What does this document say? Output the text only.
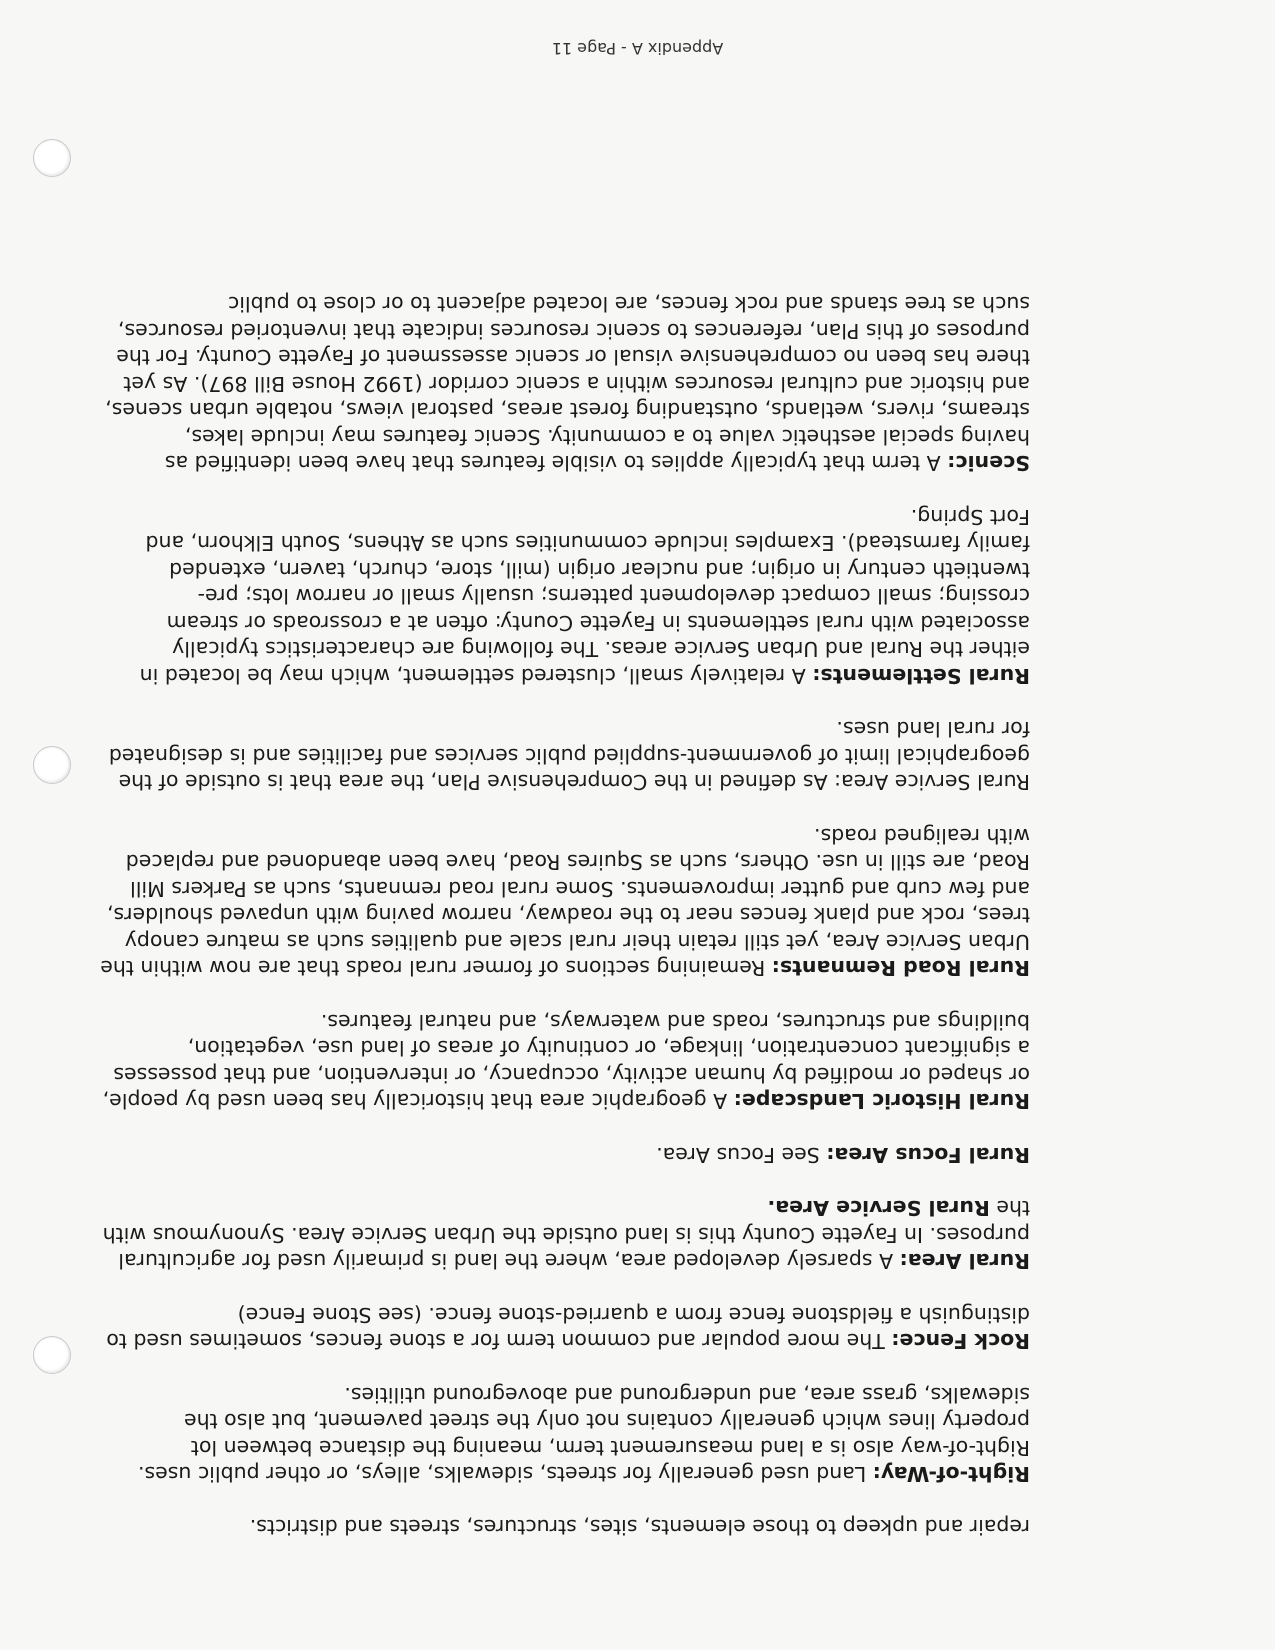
repair and upkeep to those elements, sites, structures, streets and districts.

Right-of-Way: Land used generally for streets, sidewalks, alleys, or other public uses. Right-of-way also is a land measurement term, meaning the distance between lot property lines which generally contains not only the street pavement, but also the sidewalks, grass area, and underground and aboveground utilities.

Rock Fence: The more popular and common term for a stone fences, sometimes used to distinguish a fieldstone fence from a quarried-stone fence. (see Stone Fence)

Rural Area: A sparsely developed area, where the land is primarily used for agricultural purposes. In Fayette County this is land outside the Urban Service Area. Synonymous with the Rural Service Area.

Rural Focus Area: See Focus Area.

Rural Historic Landscape: A geographic area that historically has been used by people, or shaped or modified by human activity, occupancy, or intervention, and that possesses a significant concentration, linkage, or continuity of areas of land use, vegetation, buildings and structures, roads and waterways, and natural features.

Rural Road Remnants: Remaining sections of former rural roads that are now within the Urban Service Area, yet still retain their rural scale and qualities such as mature canopy trees, rock and plank fences near to the roadway, narrow paving with unpaved shoulders, and few curb and gutter improvements. Some rural road remnants, such as Parkers Mill Road, are still in use. Others, such as Squires Road, have been abandoned and replaced with realigned roads.

Rural Service Area: As defined in the Comprehensive Plan, the area that is outside of the geographical limit of government-supplied public services and facilities and is designated for rural land uses.

Rural Settlements: A relatively small, clustered settlement, which may be located in either the Rural and Urban Service areas. The following are characteristics typically associated with rural settlements in Fayette County: often at a crossroads or stream crossing; small compact development patterns; usually small or narrow lots; pre-twentieth century in origin; and nuclear origin (mill, store, church, tavern, extended family farmstead). Examples include communities such as Athens, South Elkhorn, and Fort Spring.

Scenic: A term that typically applies to visible features that have been identified as having special aesthetic value to a community. Scenic features may include lakes, streams, rivers, wetlands, outstanding forest areas, pastoral views, notable urban scenes, and historic and cultural resources within a scenic corridor (1992 House Bill 897). As yet there has been no comprehensive visual or scenic assessment of Fayette County. For the purposes of this Plan, references to scenic resources indicate that inventoried resources, such as tree stands and rock fences, are located adjacent to or close to public

Appendix A - Page 11
